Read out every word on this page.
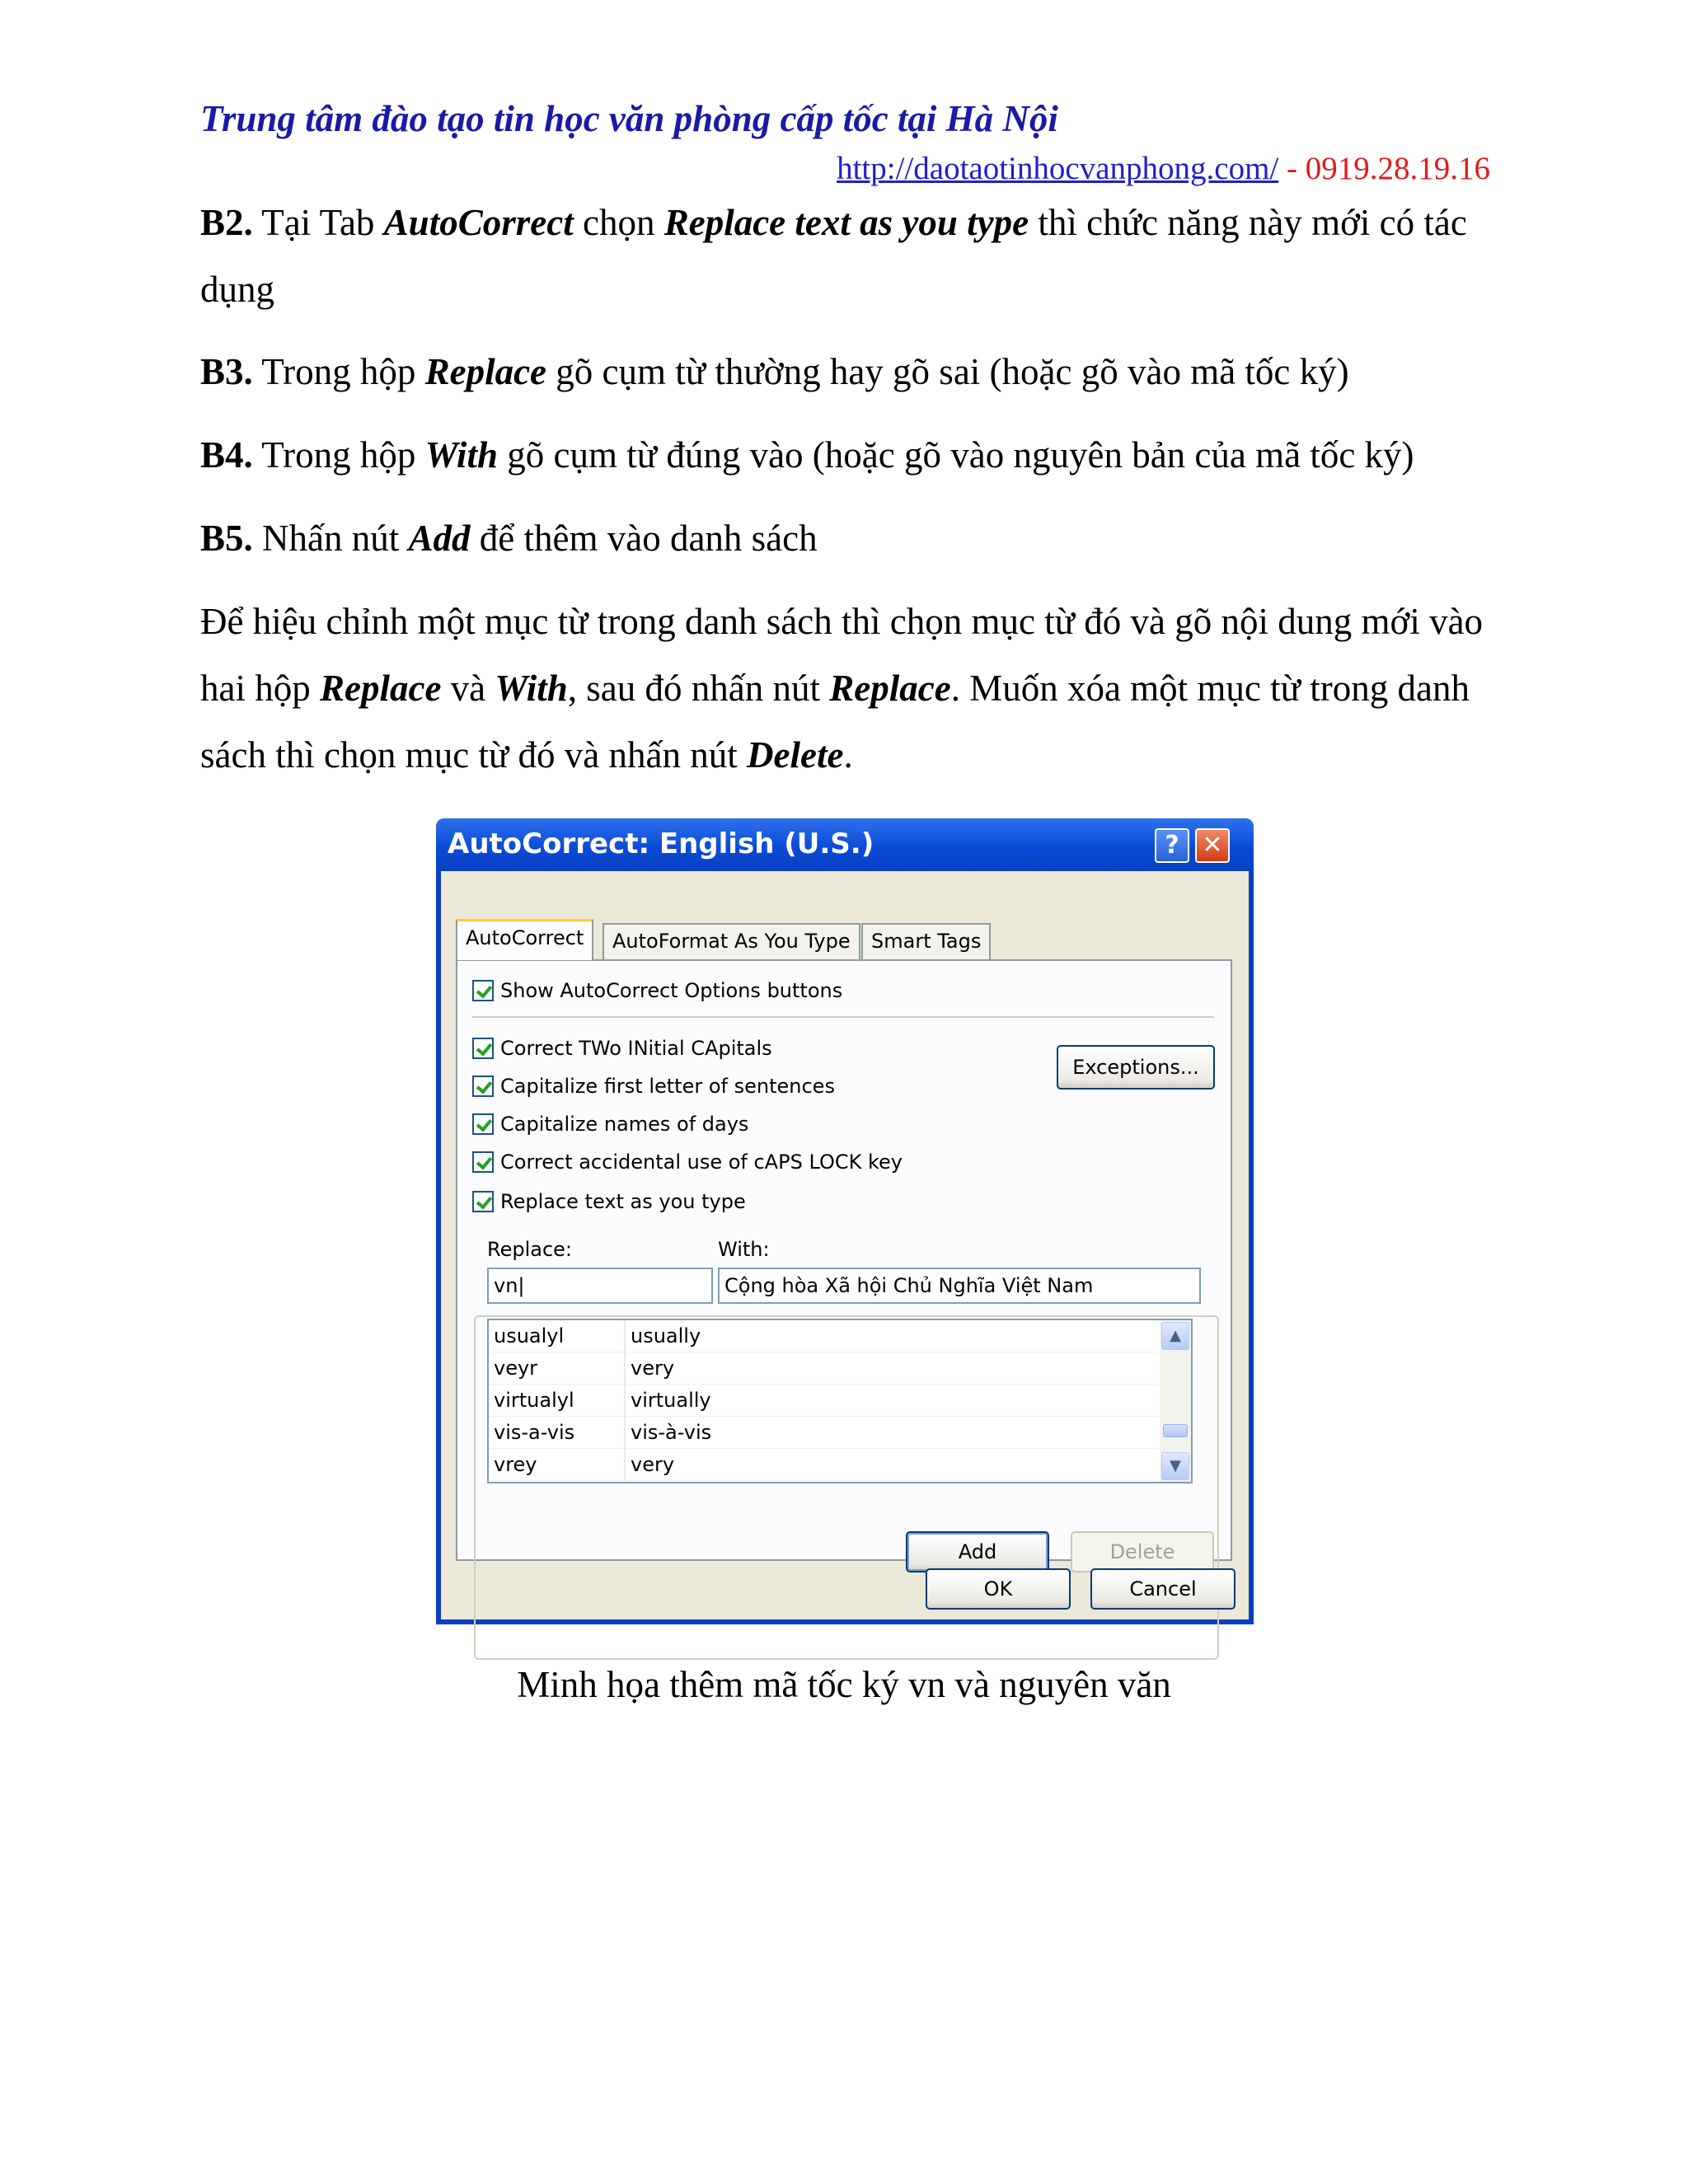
Trung tâm đào tạo tin học văn phòng cấp tốc tại Hà Nội
http://daotaotinhocvanphong.com/ - 0919.28.19.16
B2. Tại Tab AutoCorrect chọn Replace text as you type thì chức năng này mới có tác dụng
B3. Trong hộp Replace gõ cụm từ thường hay gõ sai (hoặc gõ vào mã tốc ký)
B4. Trong hộp With gõ cụm từ đúng vào (hoặc gõ vào nguyên bản của mã tốc ký)
B5. Nhấn nút Add để thêm vào danh sách
Để hiệu chỉnh một mục từ trong danh sách thì chọn mục từ đó và gõ nội dung mới vào hai hộp Replace và With, sau đó nhấn nút Replace. Muốn xóa một mục từ trong danh sách thì chọn mục từ đó và nhấn nút Delete.
AutoCorrect: English (U.S.)	? ✕
AutoCorrect	AutoFormat As You Type	Smart Tags
Show AutoCorrect Options buttons
Correct TWo INitial CApitals
Capitalize first letter of sentences
Capitalize names of days
Correct accidental use of cAPS LOCK key
Exceptions...
Replace text as you type
Replace:	With:
vn|	Cộng hòa Xã hội Chủ Nghĩa Việt Nam
usualyl	usually
veyr	very
virtualyl	virtually
vis-a-vis	vis-à-vis
vrey	very
▲
▼
Add	Delete
OK	Cancel
Minh họa thêm mã tốc ký vn và nguyên văn
